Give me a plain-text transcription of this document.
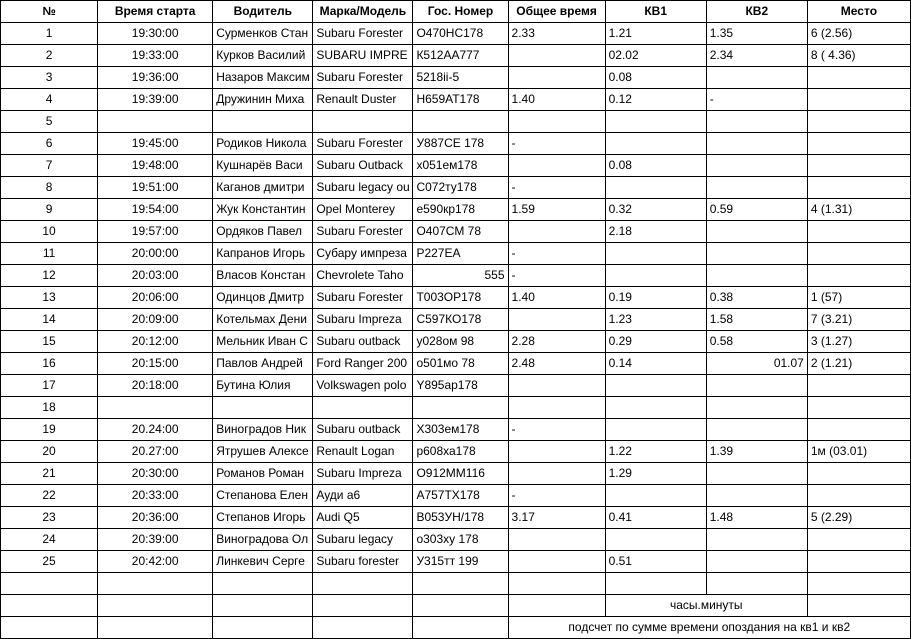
№	Время старта	Водитель	Марка/Модель	Гос. Номер	Общее время	КВ1	КВ2	Место
1	19:30:00	Сурменков Стан	Subaru Forester	О470НС178	2.33	1.21	1.35	6 (2.56)
2	19:33:00	Курков Василий	SUBARU IMPRE	К512АА777		02.02	2.34	8 ( 4.36)
3	19:36:00	Назаров Максим	Subaru Forester	5218ii-5		0.08		
4	19:39:00	Дружинин Миха	Renault Duster	Н659АТ178	1.40	0.12	-	
5								
6	19:45:00	Родиков Никола	Subaru Forester	У887СЕ 178	-			
7	19:48:00	Кушнарёв Васи	Subaru Outback	х051ем178		0.08		
8	19:51:00	Каганов дмитри	Subaru legacy ou	С072ту178	-			
9	19:54:00	Жук Константин	Opel Monterey	е590кр178	1.59	0.32	0.59	4 (1.31)
10	19:57:00	Ордяков Павел	Subaru Forester	О407СМ 78		2.18		
11	20:00:00	Капранов Игорь	Субару импреза	Р227ЕА	-			
12	20:03:00	Власов Констан	Chevrolete Taho	555	-			
13	20:06:00	Одинцов Дмитр	Subaru Forester	Т003ОР178	1.40	0.19	0.38	1 (57)
14	20:09:00	Котельмах Дени	Subaru Impreza	С597КО178		1.23	1.58	7 (3.21)
15	20:12:00	Мельник Иван С	Subaru outback	у028ом 98	2.28	0.29	0.58	3 (1.27)
16	20:15:00	Павлов Андрей	Ford Ranger 200	о501мо 78	2.48	0.14	01.07	2 (1.21)
17	20:18:00	Бутина Юлия	Volkswagen polo	Y895ар178				
18								
19	20.24:00	Виноградов Ник	Subaru outback	Х303ем178	-			
20	20.27:00	Ятрушев Алексе	Renault Logan	р608ха178		1.22	1.39	1м (03.01)
21	20:30:00	Романов Роман	Subaru Impreza	О912ММ116		1.29		
22	20:33:00	Степанова Елен	Ауди а6	А757ТХ178	-			
23	20:36:00	Степанов Игорь	Audi Q5	В053УН/178	3.17	0.41	1.48	5 (2.29)
24	20:39:00	Виноградова Ол	Subaru legacy	о303ху 178				
25	20:42:00	Линкевич Серге	Subaru forester	У315тт 199		0.51		

						часы.минуты		
					подсчет по сумме времени опоздания на кв1 и кв2			
